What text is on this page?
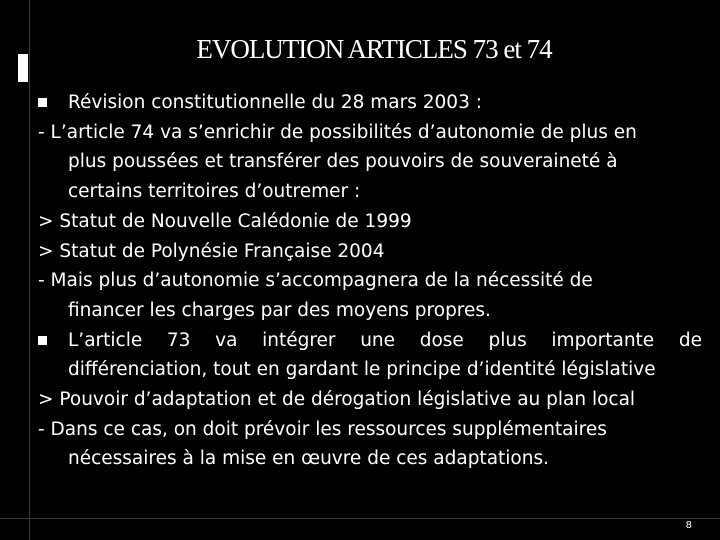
EVOLUTION ARTICLES 73 et 74
Révision constitutionnelle du 28 mars 2003 :
- L’article 74 va s’enrichir de possibilités d’autonomie de plus en
plus poussées et transférer des pouvoirs de souveraineté à
certains territoires d’outremer :
> Statut de Nouvelle Calédonie de 1999
> Statut de Polynésie Française 2004
- Mais plus d’autonomie s’accompagnera de la nécessité de
financer les charges par des moyens propres.
L’article 73 va intégrer une dose plus importante de
différenciation, tout en gardant le principe d’identité législative
> Pouvoir d’adaptation et de dérogation législative au plan local
- Dans ce cas, on doit prévoir les ressources supplémentaires
nécessaires à la mise en œuvre de ces adaptations.
8
